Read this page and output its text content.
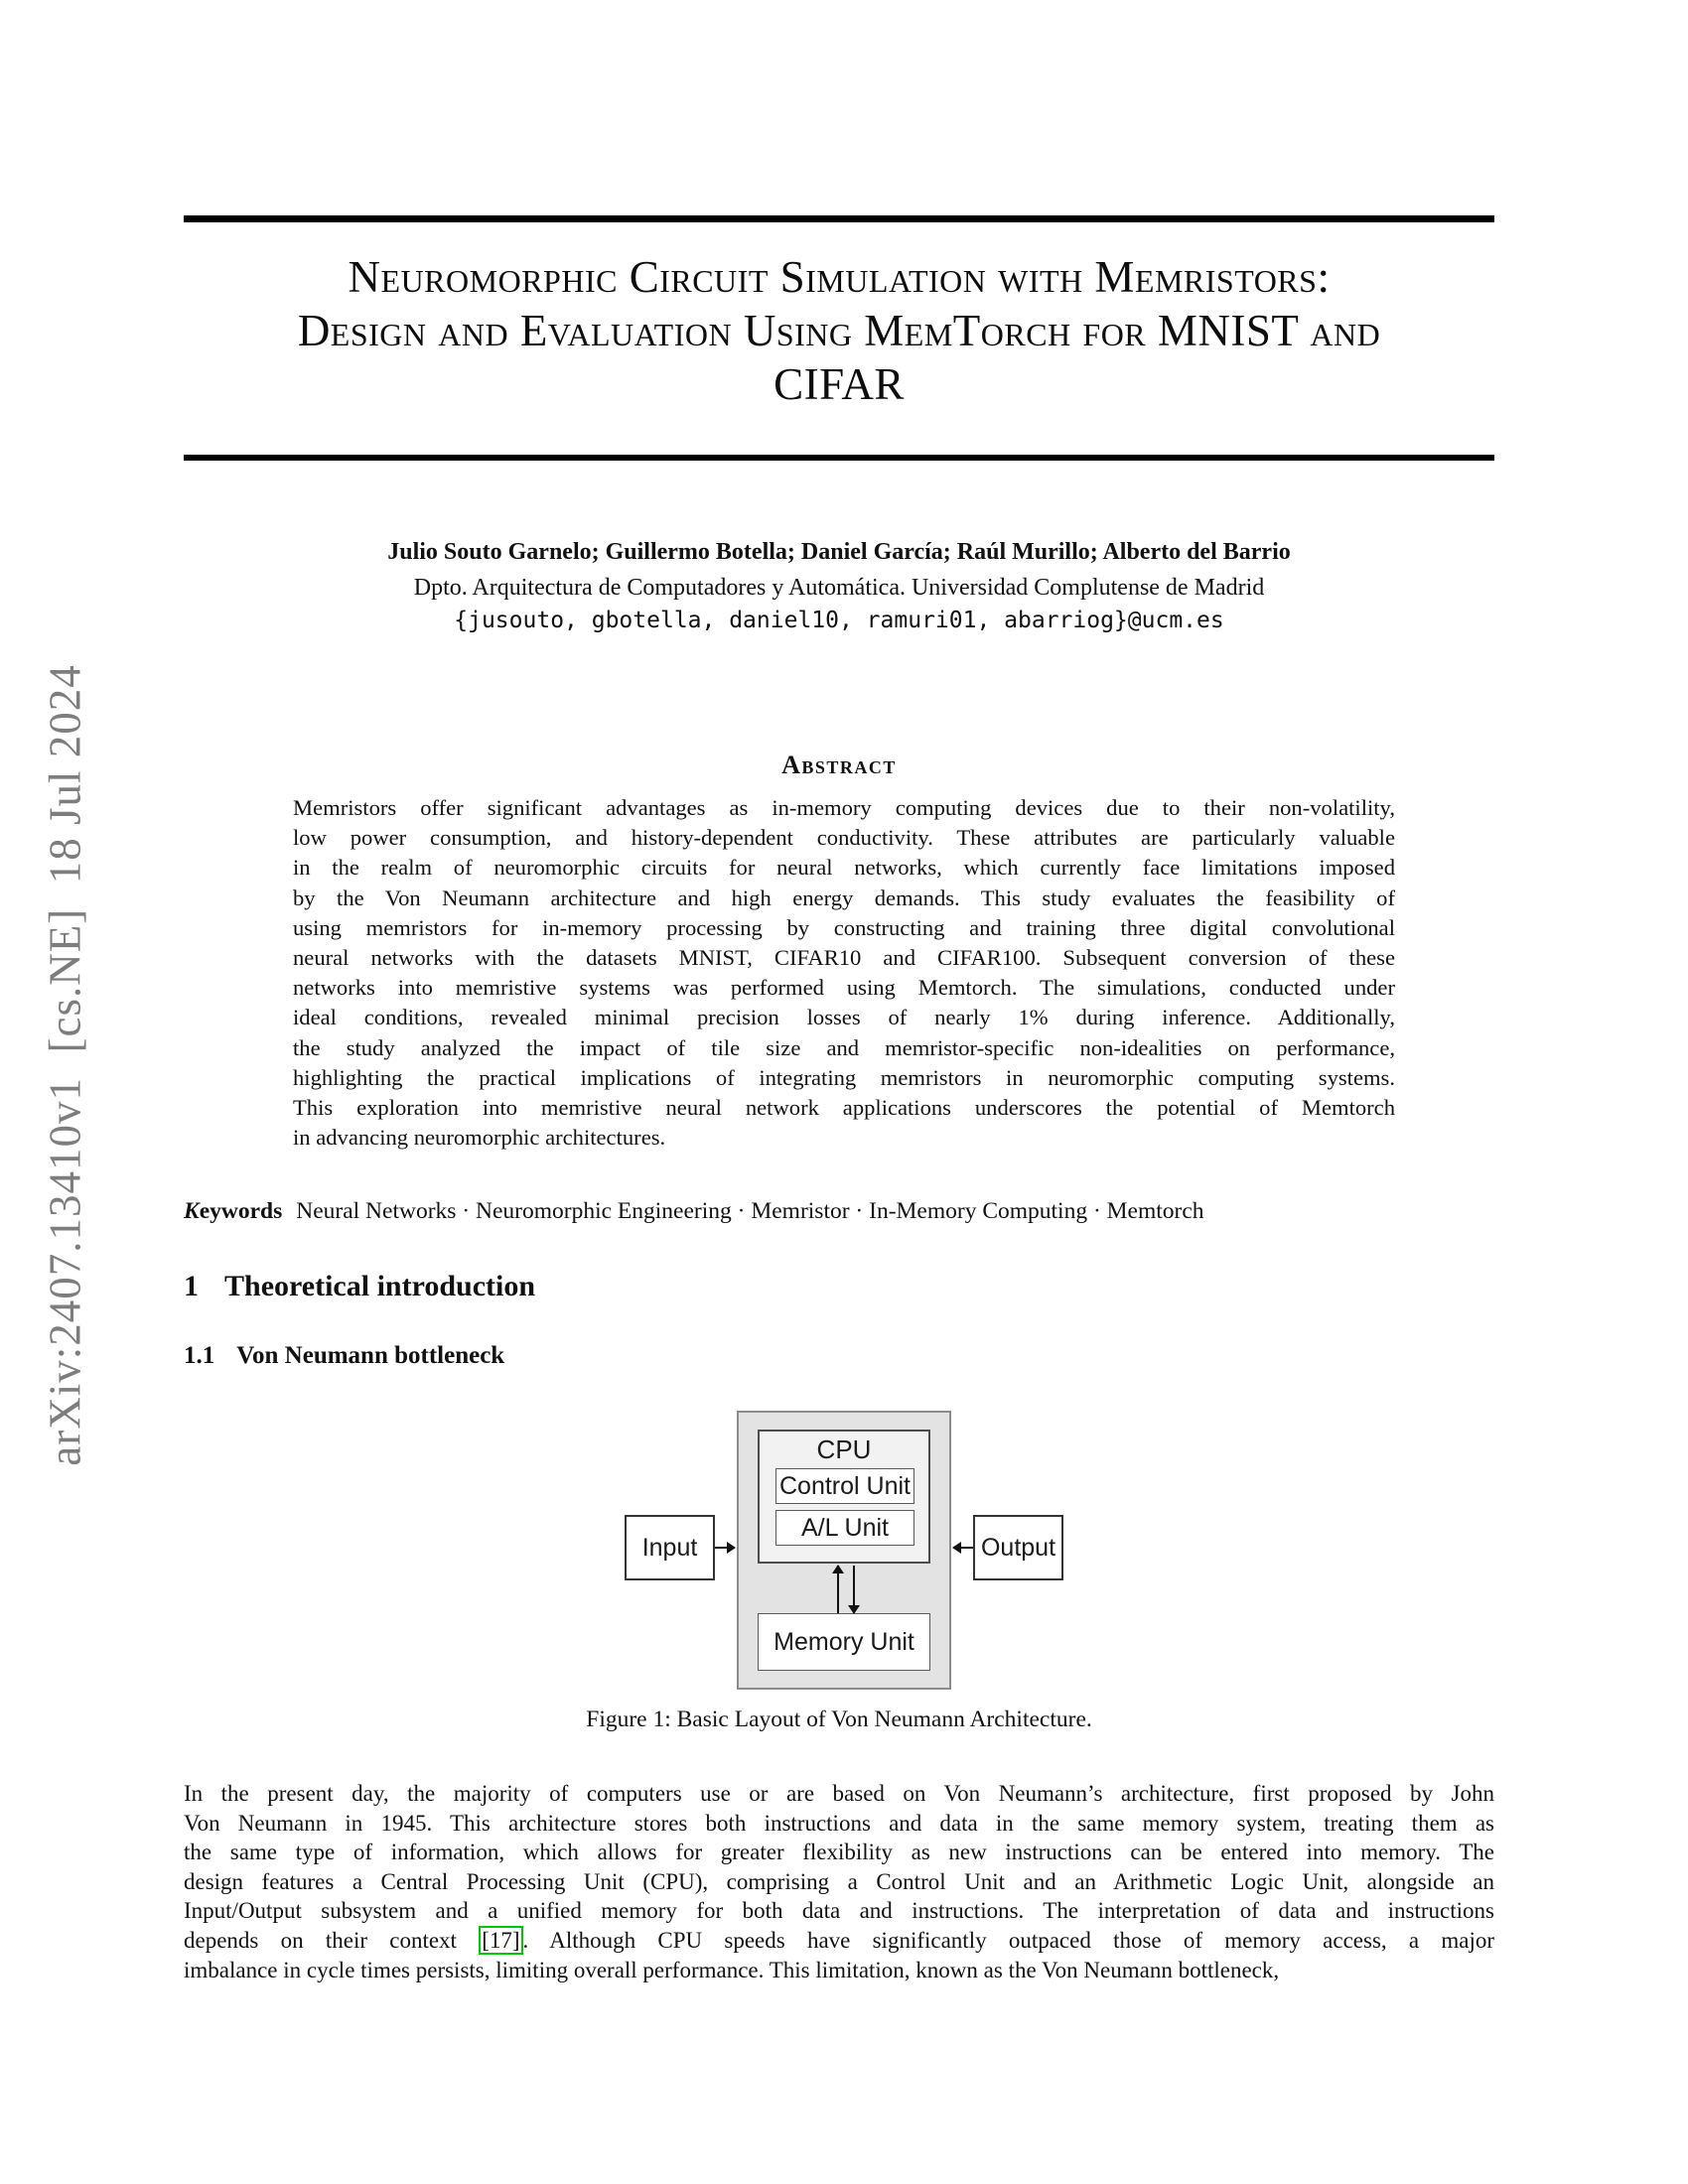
arXiv:2407.13410v1  [cs.NE]  18 Jul 2024
Neuromorphic Circuit Simulation with Memristors:
Design and Evaluation Using MemTorch for MNIST and
CIFAR
Julio Souto Garnelo; Guillermo Botella; Daniel García; Raúl Murillo; Alberto del Barrio
Dpto. Arquitectura de Computadores y Automática. Universidad Complutense de Madrid
{jusouto, gbotella, daniel10, ramuri01, abarriog}@ucm.es
Abstract
Memristors offer significant advantages as in-memory computing devices due to their non-volatility,
low power consumption, and history-dependent conductivity. These attributes are particularly valuable
in the realm of neuromorphic circuits for neural networks, which currently face limitations imposed
by the Von Neumann architecture and high energy demands. This study evaluates the feasibility of
using memristors for in-memory processing by constructing and training three digital convolutional
neural networks with the datasets MNIST, CIFAR10 and CIFAR100. Subsequent conversion of these
networks into memristive systems was performed using Memtorch. The simulations, conducted under
ideal conditions, revealed minimal precision losses of nearly 1% during inference. Additionally,
the study analyzed the impact of tile size and memristor-specific non-idealities on performance,
highlighting the practical implications of integrating memristors in neuromorphic computing systems.
This exploration into memristive neural network applications underscores the potential of Memtorch
in advancing neuromorphic architectures.
Keywords Neural Networks · Neuromorphic Engineering · Memristor · In-Memory Computing · Memtorch
1 Theoretical introduction
1.1 Von Neumann bottleneck
CPU
Control Unit
A/L Unit
Memory Unit
Input	Output
Figure 1: Basic Layout of Von Neumann Architecture.
In the present day, the majority of computers use or are based on Von Neumann’s architecture, first proposed by John
Von Neumann in 1945. This architecture stores both instructions and data in the same memory system, treating them as
the same type of information, which allows for greater flexibility as new instructions can be entered into memory. The
design features a Central Processing Unit (CPU), comprising a Control Unit and an Arithmetic Logic Unit, alongside an
Input/Output subsystem and a unified memory for both data and instructions. The interpretation of data and instructions
depends on their context [17] . Although CPU speeds have significantly outpaced those of memory access, a major
imbalance in cycle times persists, limiting overall performance. This limitation, known as the Von Neumann bottleneck,
